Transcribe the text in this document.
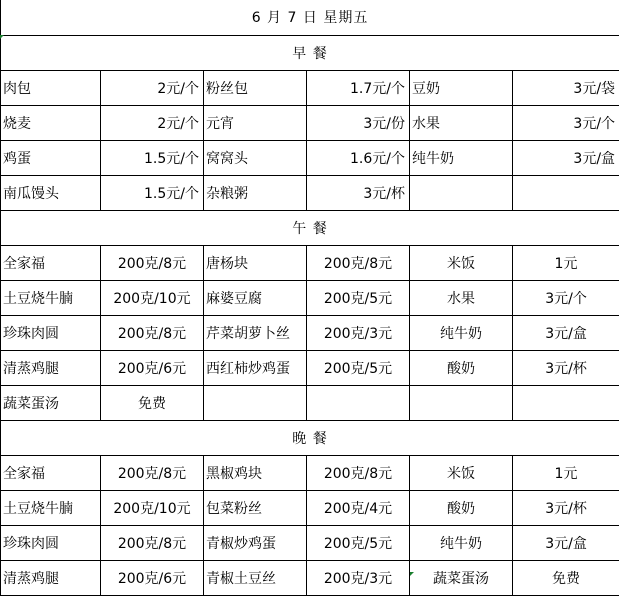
6 月 7 日 星期五					
早 餐					
肉包	2元/个	粉丝包	1.7元/个	豆奶	3元/袋
烧麦	2元/个	元宵	3元/份	水果	3元/个
鸡蛋	1.5元/个	窝窝头	1.6元/个	纯牛奶	3元/盒
南瓜馒头	1.5元/个	杂粮粥	3元/杯		
午 餐					
全家福	200克/8元	唐杨块	200克/8元	米饭	1元
土豆烧牛腩	200克/10元	麻婆豆腐	200克/5元	水果	3元/个
珍珠肉圆	200克/8元	芹菜胡萝卜丝	200克/3元	纯牛奶	3元/盒
清蒸鸡腿	200克/6元	西红柿炒鸡蛋	200克/5元	酸奶	3元/杯
蔬菜蛋汤	免费				
晚 餐					
全家福	200克/8元	黑椒鸡块	200克/8元	米饭	1元
土豆烧牛腩	200克/10元	包菜粉丝	200克/4元	酸奶	3元/杯
珍珠肉圆	200克/8元	青椒炒鸡蛋	200克/5元	纯牛奶	3元/盒
清蒸鸡腿	200克/6元	青椒土豆丝	200克/3元	蔬菜蛋汤	免费
